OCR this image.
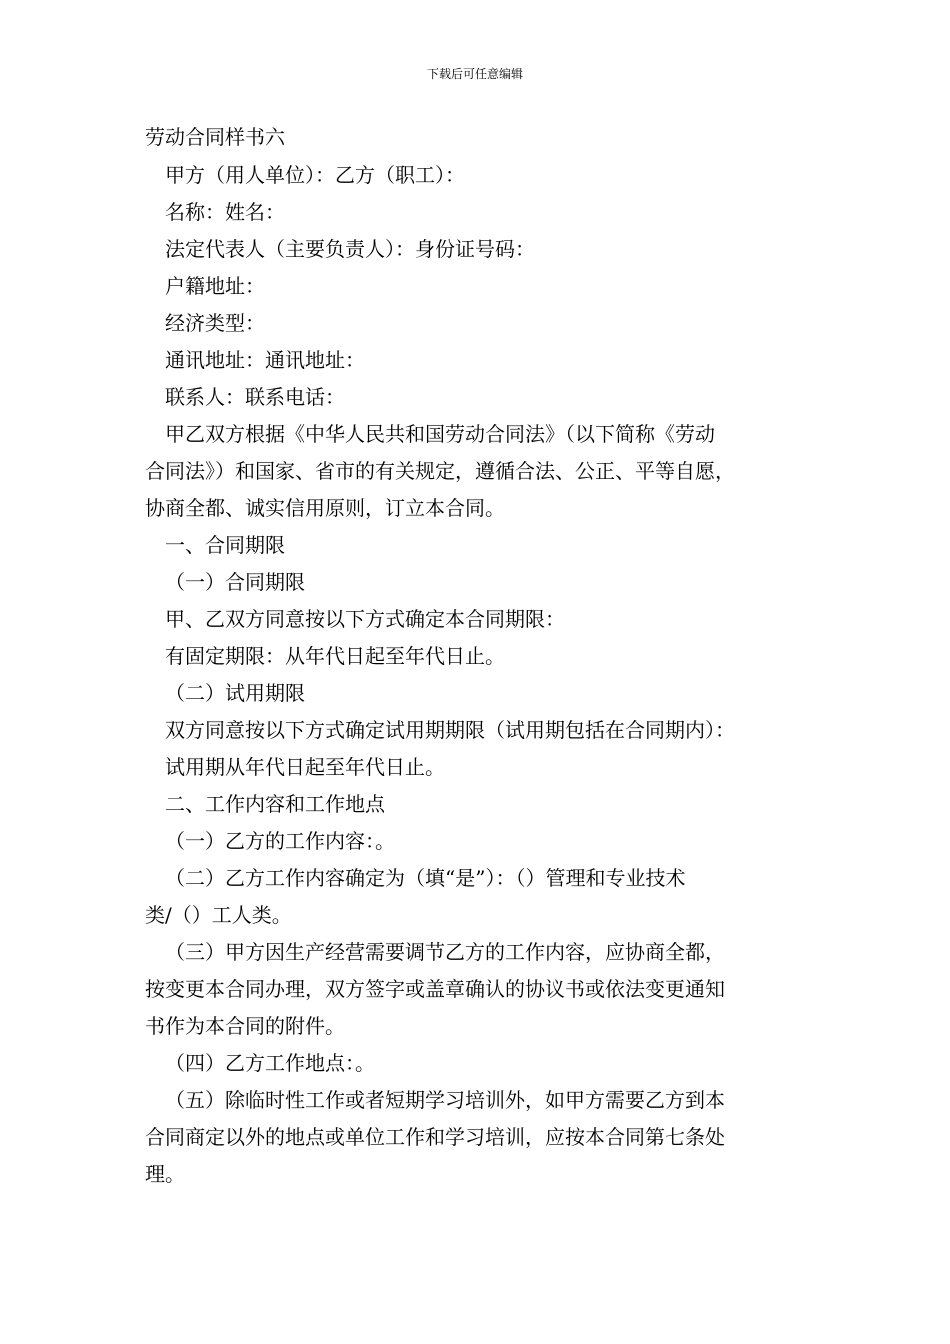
下载后可任意编辑
劳动合同样书六
甲方（用人单位）：乙方（职工）：
名称：姓名：
法定代表人（主要负责人）：身份证号码：
户籍地址：
经济类型：
通讯地址：通讯地址：
联系人：联系电话：
甲乙双方根据《中华人民共和国劳动合同法》（以下简称《劳动
合同法》）和国家、省市的有关规定，遵循合法、公正、平等自愿，
协商全都、诚实信用原则，订立本合同。
一、合同期限
（一）合同期限
甲、乙双方同意按以下方式确定本合同期限：
有固定期限：从年代日起至年代日止。
（二）试用期限
双方同意按以下方式确定试用期期限（试用期包括在合同期内）：
试用期从年代日起至年代日止。
二、工作内容和工作地点
（一）乙方的工作内容：。
（二）乙方工作内容确定为（填“是”）：（）管理和专业技术
类/（）工人类。
（三）甲方因生产经营需要调节乙方的工作内容，应协商全都，
按变更本合同办理，双方签字或盖章确认的协议书或依法变更通知
书作为本合同的附件。
（四）乙方工作地点：。
（五）除临时性工作或者短期学习培训外，如甲方需要乙方到本
合同商定以外的地点或单位工作和学习培训，应按本合同第七条处
理。
